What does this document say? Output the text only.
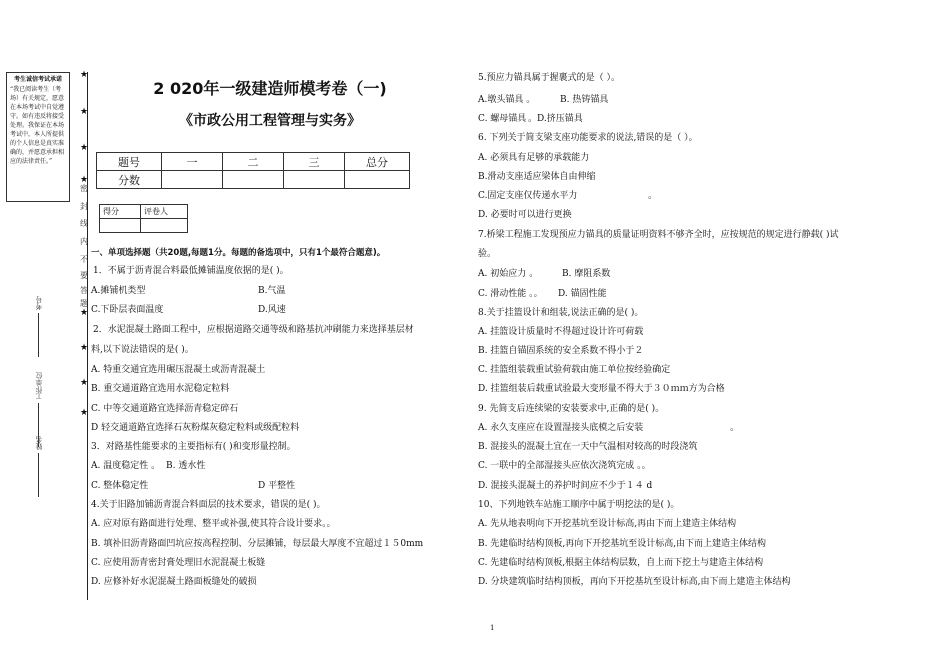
考生诚信考试承诺
“我已阅读考生（考场）有关规定，愿意在本场考试中自觉遵守。如有违反将接受处理。我保证在本场考试中，本人所提供的个人信息是真实准确的，并愿意承担相应的法律责任。”
★
★
★
★
★
★
★
★
密
封
线
内
不
要
答
题
考号
工作单位
姓名
2 020年一级建造师模考卷（一)
《市政公用工程管理与实务》
题号	一	二	三	总分
分数				
得分	评卷人

一、单项选择题（共20题,每题1分。每题的备选项中，只有1个最符合题意)。
1．不属于沥青混合料最低摊铺温度依据的是( )。
A.摊铺机类型	B.气温
C.下卧层表面温度	D.风速
2．水泥混凝土路面工程中，应根据道路交通等级和路基抗冲刷能力来选择基层材
料,以下说法错误的是( )。
A. 特重交通宜选用碾压混凝土或沥青混凝土
B. 重交通道路宜选用水泥稳定粒料
C. 中等交通道路宜选择沥青稳定碎石
D 轻交通道路宜选择石灰粉煤灰稳定粒料或级配粒料
3．对路基性能要求的主要指标有( )和变形量控制。
A. 温度稳定性 。 B. 透水性
C. 整体稳定性	D 平整性
4.关于旧路加铺沥青混合料面层的技术要求，错误的是( )。
A. 应对原有路面进行处理、整平或补强,使其符合设计要求。。
B. 填补旧沥青路面凹坑应按高程控制、分层摊铺，每层最大厚度不宜超过１５0mm
C. 应使用沥青密封膏处理旧水泥混凝土板缝
D. 应修补好水泥混凝土路面板缝处的破损
5.预应力锚具属于握裹式的是（ ）。
A.墩头锚具 。	B. 热铸锚具
C. 螺母锚具 。D.挤压锚具
6. 下列关于简支梁支座功能要求的说法,错误的是（ ）。
A. 必须具有足够的承载能力
B.滑动支座适应梁体自由伸缩
C.固定支座仅传递水平力	。
D. 必要时可以进行更换
7.桥梁工程施工发现预应力锚具的质量证明资料不够齐全时，应按规范的规定进行静载( )试
验。
A. 初始应力 。	B. 摩阻系数
C. 滑动性能 。。 D. 锚固性能
8.关于挂篮设计和组装,说法正确的是( )。
A. 挂篮设计质量时不得超过设计许可荷载
B. 挂篮自锚固系统的安全系数不得小于２
C. 挂篮组装载重试验荷载由施工单位按经验确定
D. 挂篮组装后载重试验最大变形量不得大于３０ｍｍ方为合格
9. 先简支后连续梁的安装要求中,正确的是( )。
A. 永久支座应在设置湿接头底模之后安装	。
B. 混接头的混凝土宜在一天中气温相对较高的时段浇筑
C. 一联中的全部湿接头应依次浇筑完成 。。
D. 混接头混凝土的养护时间应不少于１４ d
10、下列地铁车站施工顺序中属于明挖法的是( )。
A. 先从地表明向下开挖基坑至设计标高,再由下而上建造主体结构
B. 先建临时结构顶板,再向下开挖基坑至设计标高,由下而上建造主体结构
C. 先建临时结构顶板,根据主体结构层数，自上而下挖土与建造主体结构
D. 分块建筑临时结构顶板，再向下开挖基坑至设计标高,由下而上建造主体结构
1
